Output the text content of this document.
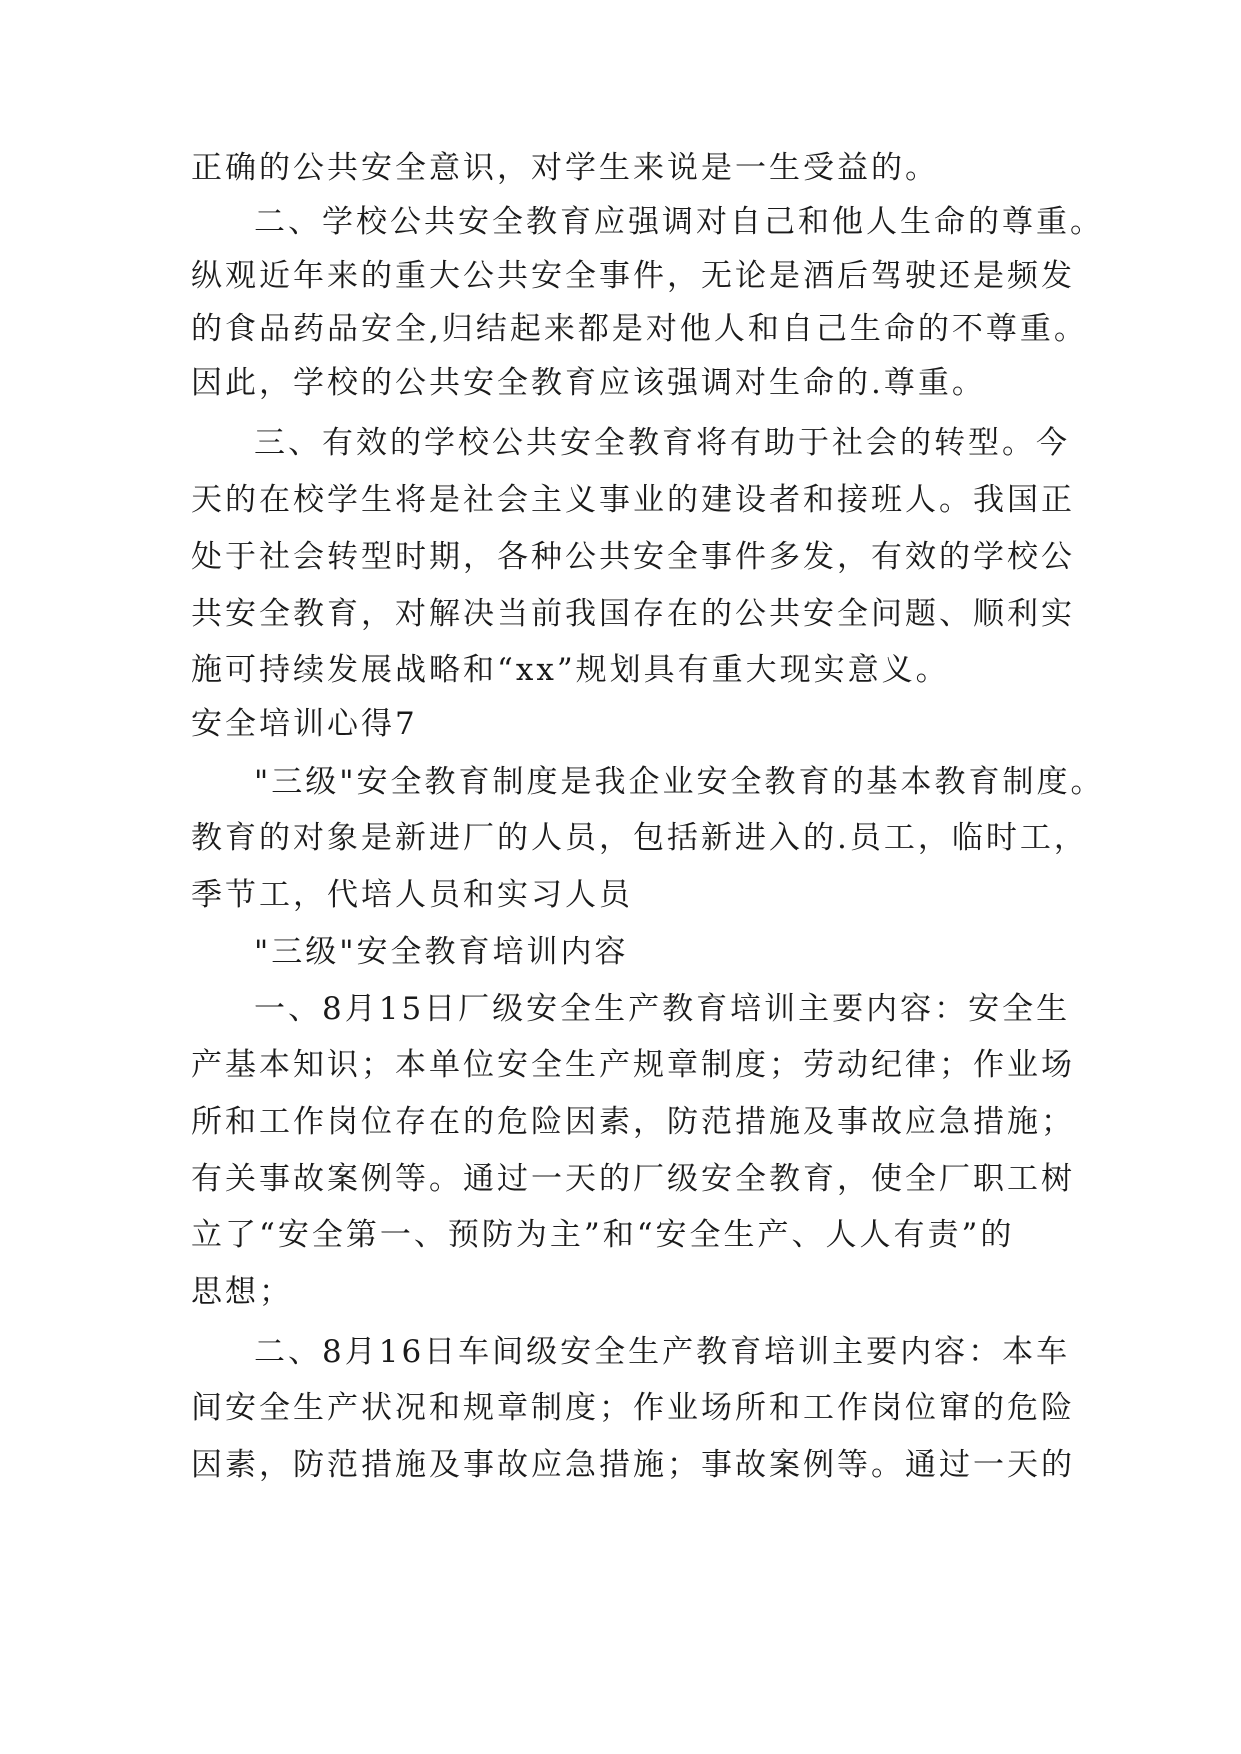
正确的公共安全意识，对学生来说是一生受益的。
二、学校公共安全教育应强调对自己和他人生命的尊重。
纵观近年来的重大公共安全事件，无论是酒后驾驶还是频发
的食品药品安全,归结起来都是对他人和自己生命的不尊重。
因此，学校的公共安全教育应该强调对生命的.尊重。
三、有效的学校公共安全教育将有助于社会的转型。今
天的在校学生将是社会主义事业的建设者和接班人。我国正
处于社会转型时期，各种公共安全事件多发，有效的学校公
共安全教育，对解决当前我国存在的公共安全问题、顺利实
施可持续发展战略和“xx”规划具有重大现实意义。
安全培训心得7
"三级"安全教育制度是我企业安全教育的基本教育制度。
教育的对象是新进厂的人员，包括新进入的.员工，临时工，
季节工，代培人员和实习人员
"三级"安全教育培训内容
一、8月15日厂级安全生产教育培训主要内容：安全生
产基本知识；本单位安全生产规章制度；劳动纪律；作业场
所和工作岗位存在的危险因素，防范措施及事故应急措施；
有关事故案例等。通过一天的厂级安全教育，使全厂职工树
立了“安全第一、预防为主”和“安全生产、人人有责”的
思想；
二、8月16日车间级安全生产教育培训主要内容：本车
间安全生产状况和规章制度；作业场所和工作岗位窜的危险
因素，防范措施及事故应急措施；事故案例等。通过一天的
